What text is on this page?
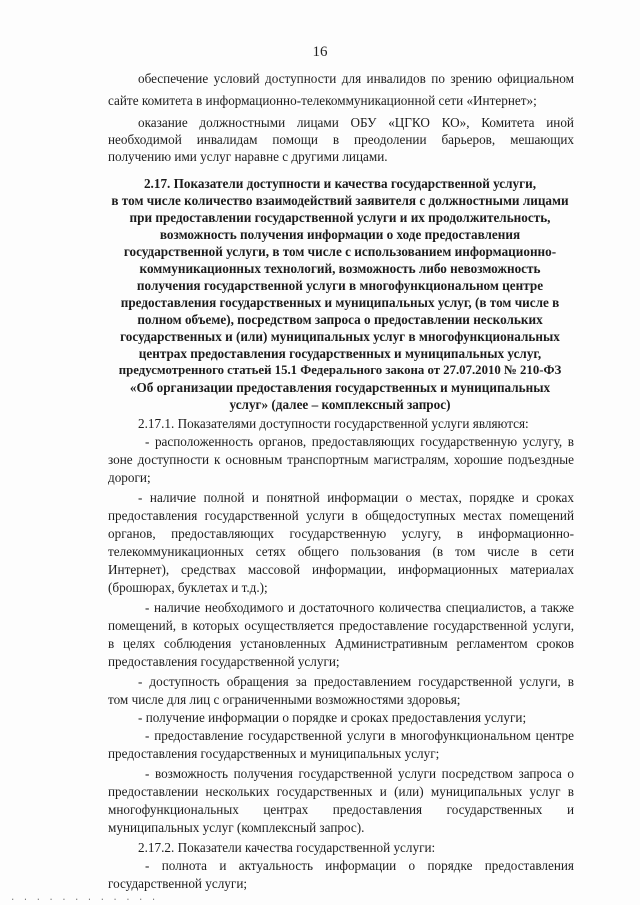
16
обеспечение условий доступности для инвалидов по зрению официальном
сайте комитета в информационно-телекоммуникационной сети «Интернет»;
оказание должностными лицами ОБУ «ЦГКО КО», Комитета иной
необходимой инвалидам помощи в преодолении барьеров, мешающих
получению ими услуг наравне с другими лицами.
2.17. Показатели доступности и качества государственной услуги,
в том числе количество взаимодействий заявителя с должностными лицами
при предоставлении государственной услуги и их продолжительность,
возможность получения информации о ходе предоставления
государственной услуги, в том числе с использованием информационно-
коммуникационных технологий, возможность либо невозможность
получения государственной услуги в многофункциональном центре
предоставления государственных и муниципальных услуг, (в том числе в
полном объеме), посредством запроса о предоставлении нескольких
государственных и (или) муниципальных услуг в многофункциональных
центрах предоставления государственных и муниципальных услуг,
предусмотренного статьей 15.1 Федерального закона от 27.07.2010 № 210-ФЗ
«Об организации предоставления государственных и муниципальных
услуг» (далее – комплексный запрос)
2.17.1. Показателями доступности государственной услуги являются:
- расположенность органов, предоставляющих государственную услугу, в
зоне доступности к основным транспортным магистралям, хорошие подъездные
дороги;
- наличие полной и понятной информации о местах, порядке и сроках
предоставления государственной услуги в общедоступных местах помещений
органов, предоставляющих государственную услугу, в информационно-
телекоммуникационных сетях общего пользования (в том числе в сети
Интернет), средствах массовой информации, информационных материалах
(брошюрах, буклетах и т.д.);
- наличие необходимого и достаточного количества специалистов, а также
помещений, в которых осуществляется предоставление государственной услуги,
в целях соблюдения установленных Административным регламентом сроков
предоставления государственной услуги;
- доступность обращения за предоставлением государственной услуги, в
том числе для лиц с ограниченными возможностями здоровья;
- получение информации о порядке и сроках предоставления услуги;
- предоставление государственной услуги в многофункциональном центре
предоставления государственных и муниципальных услуг;
- возможность получения государственной услуги посредством запроса о
предоставлении нескольких государственных и (или) муниципальных услуг в
многофункциональных центрах предоставления государственных и
муниципальных услуг (комплексный запрос).
2.17.2. Показатели качества государственной услуги:
- полнота и актуальность информации о порядке предоставления
государственной услуги;
· · · · · · · · · · · ·
